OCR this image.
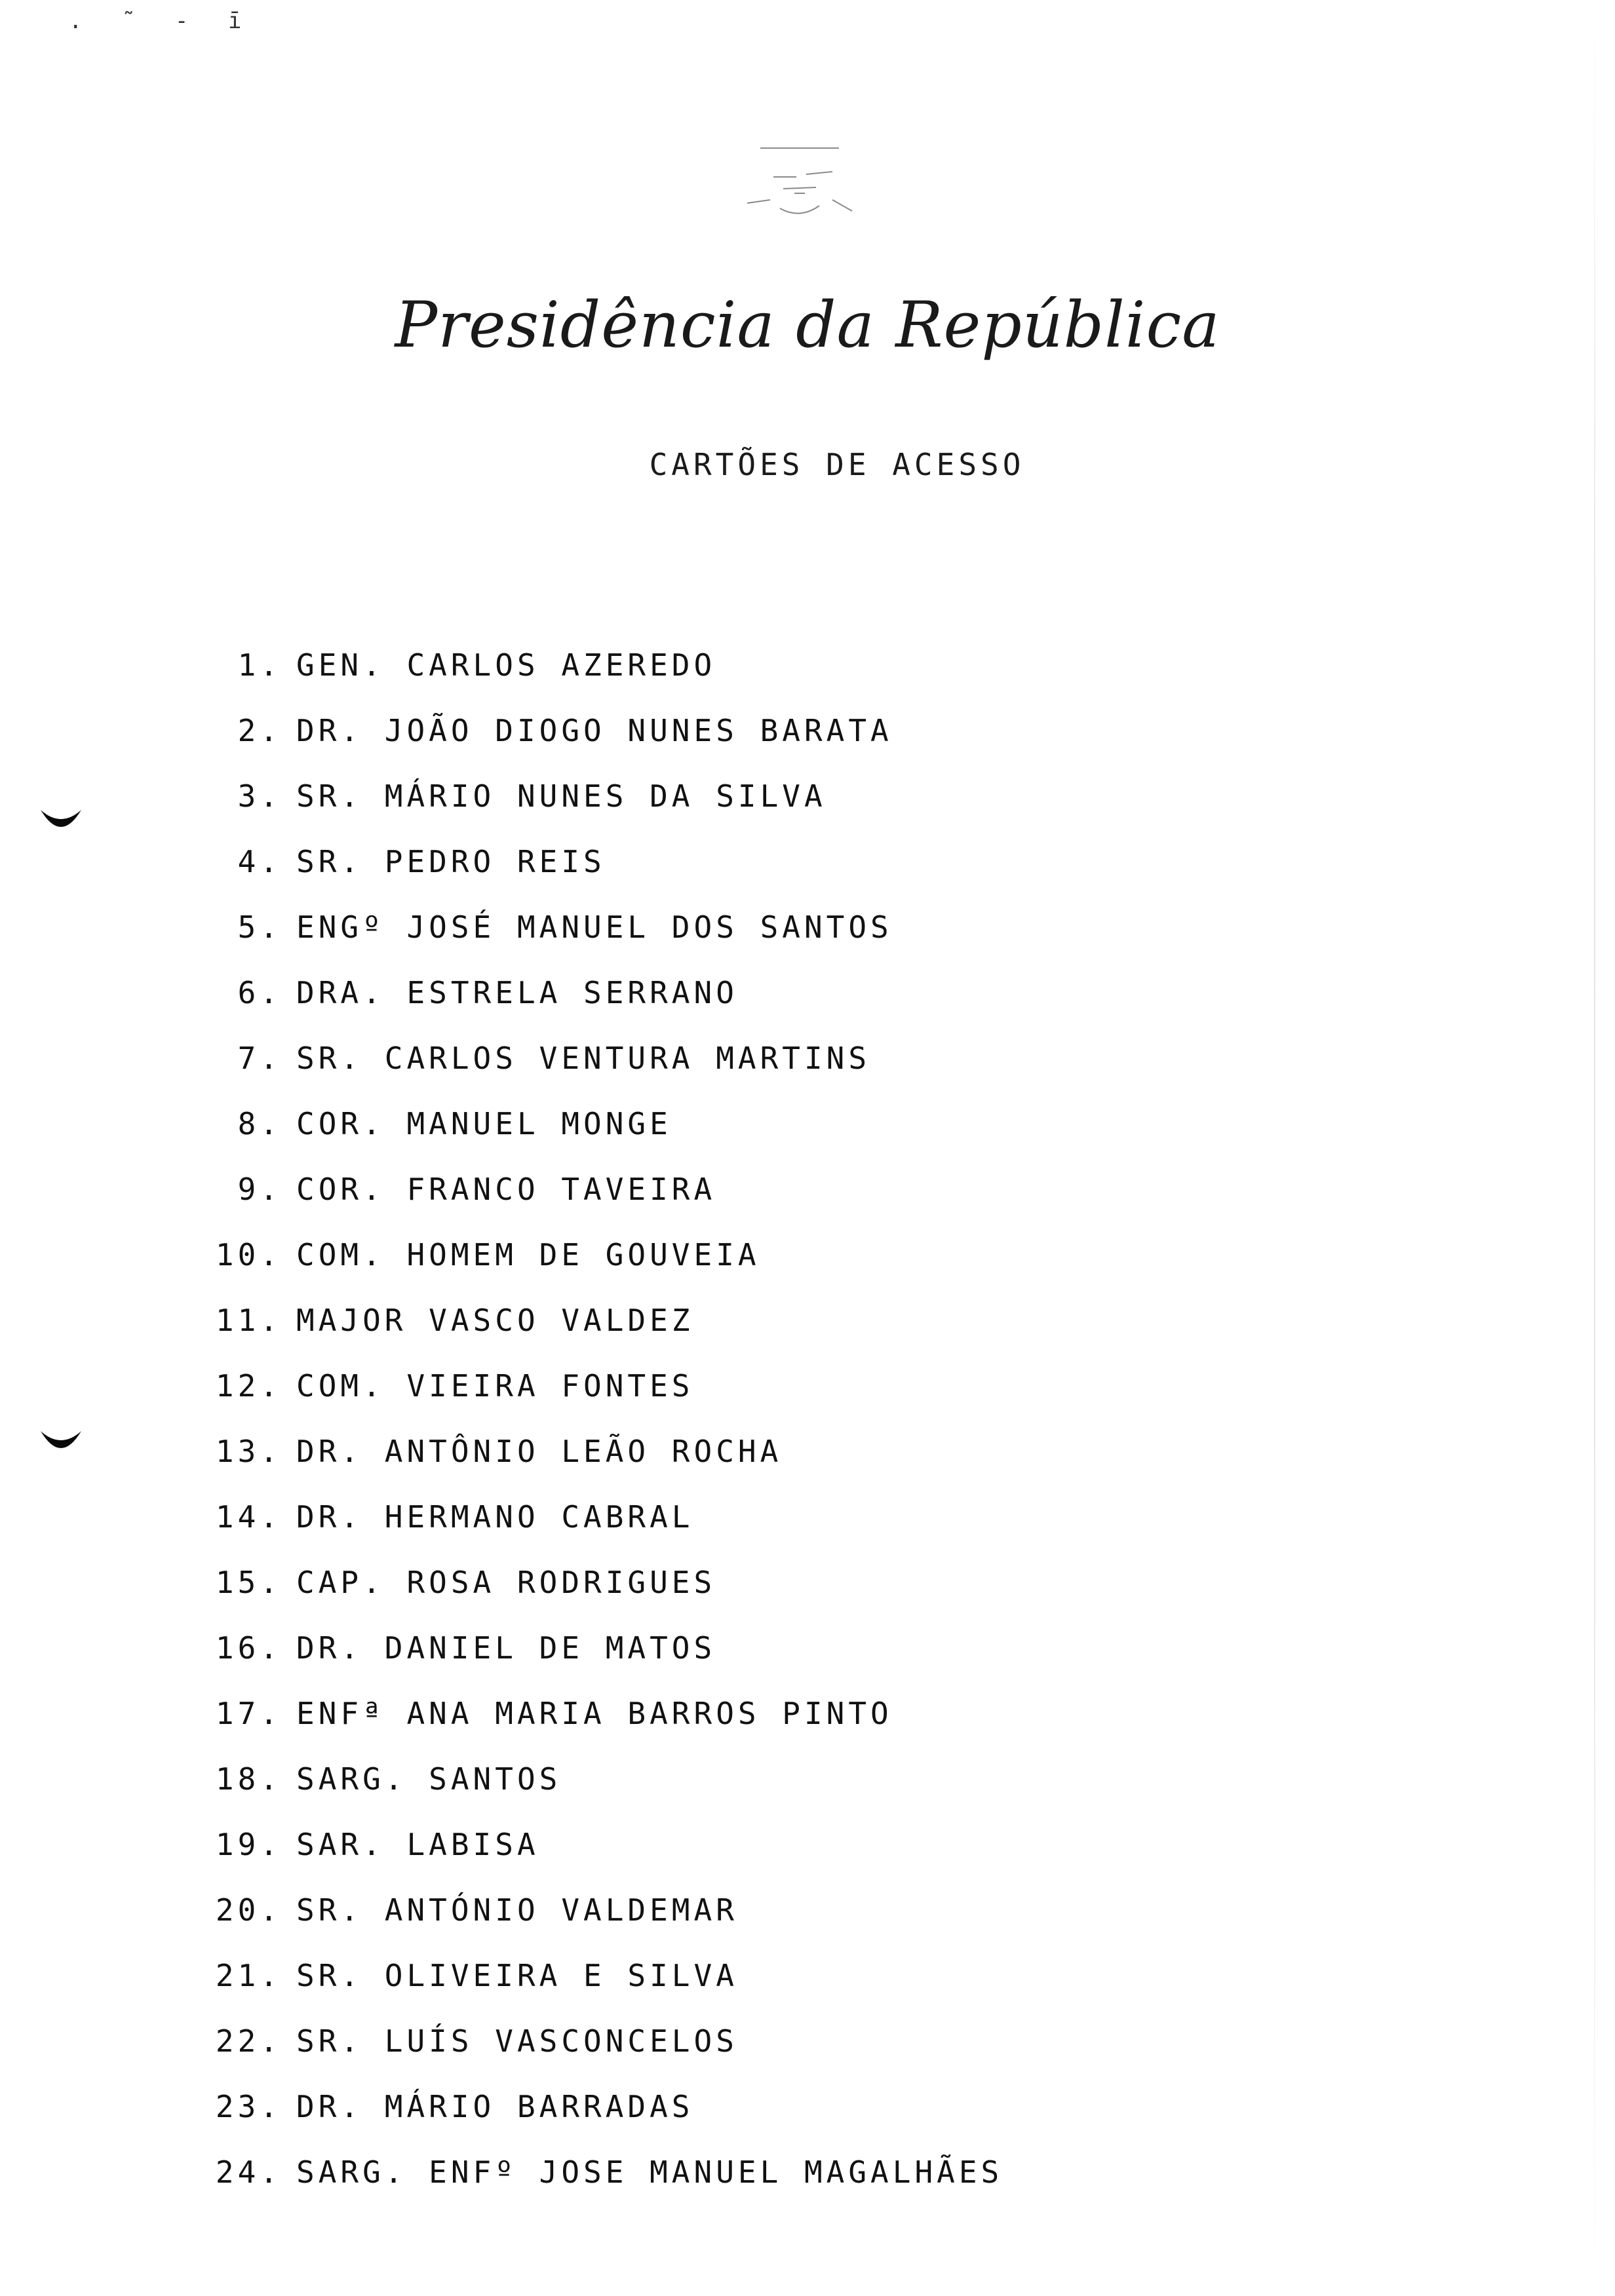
. ˜ - ī
Presidência da República
CARTÕES DE ACESSO
1. GEN. CARLOS AZEREDO
2. DR. JOÃO DIOGO NUNES BARATA
3. SR. MÁRIO NUNES DA SILVA
4. SR. PEDRO REIS
5. ENGº JOSÉ MANUEL DOS SANTOS
6. DRA. ESTRELA SERRANO
7. SR. CARLOS VENTURA MARTINS
8. COR. MANUEL MONGE
9. COR. FRANCO TAVEIRA
10. COM. HOMEM DE GOUVEIA
11. MAJOR VASCO VALDEZ
12. COM. VIEIRA FONTES
13. DR. ANTÔNIO LEÃO ROCHA
14. DR. HERMANO CABRAL
15. CAP. ROSA RODRIGUES
16. DR. DANIEL DE MATOS
17. ENFª ANA MARIA BARROS PINTO
18. SARG. SANTOS
19. SAR. LABISA
20. SR. ANTÓNIO VALDEMAR
21. SR. OLIVEIRA E SILVA
22. SR. LUÍS VASCONCELOS
23. DR. MÁRIO BARRADAS
24. SARG. ENFº JOSE MANUEL MAGALHÃES
